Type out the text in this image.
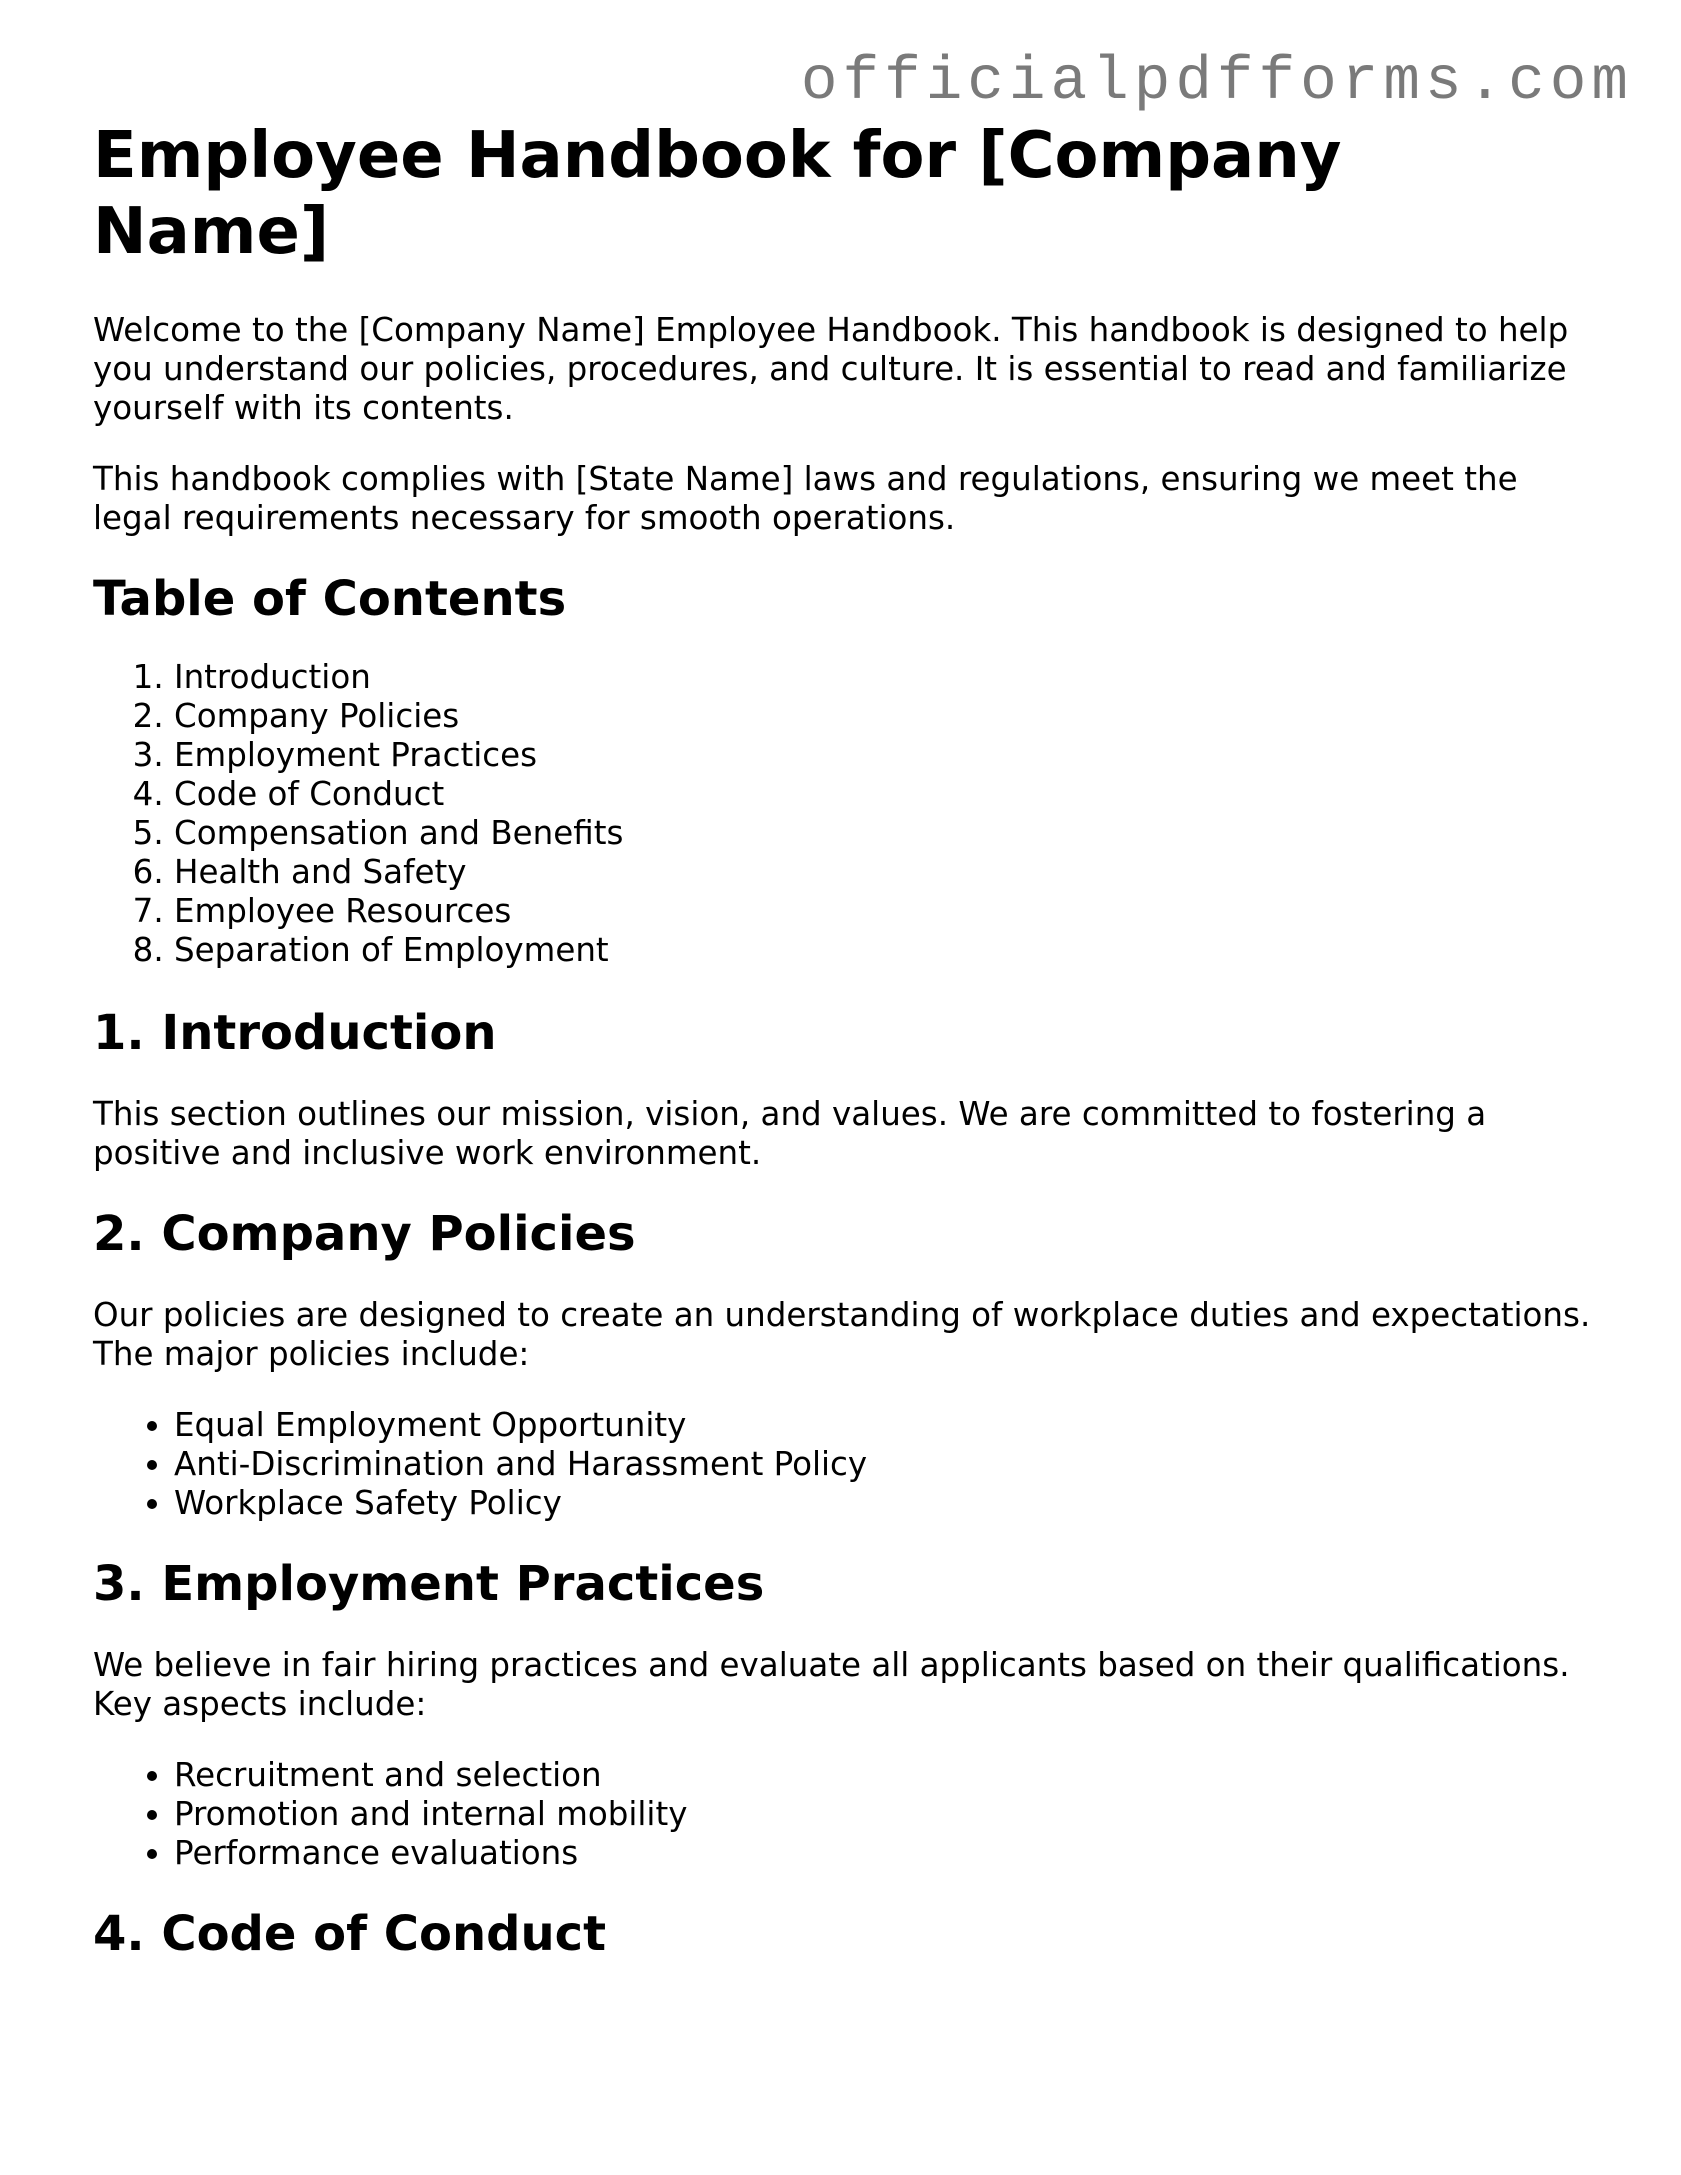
officialpdfforms.com
Employee Handbook for [Company Name]

Welcome to the [Company Name] Employee Handbook. This handbook is designed to help you understand our policies, procedures, and culture. It is essential to read and familiarize yourself with its contents.

This handbook complies with [State Name] laws and regulations, ensuring we meet the legal requirements necessary for smooth operations.

Table of Contents
1. Introduction
2. Company Policies
3. Employment Practices
4. Code of Conduct
5. Compensation and Benefits
6. Health and Safety
7. Employee Resources
8. Separation of Employment
1. Introduction

This section outlines our mission, vision, and values. We are committed to fostering a positive and inclusive work environment.

2. Company Policies

Our policies are designed to create an understanding of workplace duties and expectations. The major policies include:

• Equal Employment Opportunity
• Anti-Discrimination and Harassment Policy
• Workplace Safety Policy
3. Employment Practices

We believe in fair hiring practices and evaluate all applicants based on their qualifications. Key aspects include:

• Recruitment and selection
• Promotion and internal mobility
• Performance evaluations
4. Code of Conduct
